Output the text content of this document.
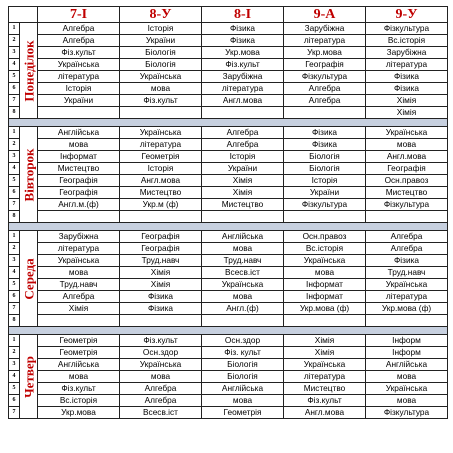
		7-І	8-У	8-І	9-А	9-У
1	Понеділок	Алгебра	Історія	Фізика	Зарубіжна	Фізкультура
2		Алгебра	України	Фізика	література	Вс.історія
3		Фіз.культ	Біологія	Укр.мова	Укр.мова	Зарубіжна
4		Українська	Біологія	Фіз.культ	Географія	література
5		література	Українська	Зарубіжна	Фізкультура	Фізика
6		Історія	мова	література	Алгебра	Фізика
7		України	Фіз.культ	Англ.мова	Алгебра	Хімія
8						Хімія

1	Вівторок	Англійська	Українська	Алгебра	Фізика	Українська
2		мова	література	Алгебра	Фізика	мова
3		Інформат	Геометрія	Історія	Біологія	Англ.мова
4		Мистецтво	Історія	України	Біологія	Географія
5		Географія	Англ.мова	Хімія	Історія	Осн.правоз
6		Географія	Мистецтво	Хімія	України	Мистецтво
7		Англ.м.(ф)	Укр.м (ф)	Мистецтво	Фізкультура	Фізкультура
8						

1	Середа	Зарубіжна	Географія	Англійська	Осн.правоз	Алгебра
2		література	Географія	мова	Вс.історія	Алгебра
3		Українська	Труд.навч	Труд.навч	Українська	Фізика
4		мова	Хімія	Всесв.іст	мова	Труд.навч
5		Труд.навч	Хімія	Українська	Інформат	Українська
6		Алгебра	Фізика	мова	Інформат	література
7		Хімія	Фізика	Англ.(ф)	Укр.мова (ф)	Укр.мова (ф)
8						

1	Четвер	Геометрія	Фіз.культ	Осн.здор	Хімія	Інформ
2		Геометрія	Осн.здор	Фіз. культ	Хімія	Інформ
3		Англійська	Українська	Біологія	Українська	Англійська
4		мова	мова	Біологія	література	мова
5		Фіз.культ	Алгебра	Англійська	Мистецтво	Українська
6		Вс.історія	Алгебра	мова	Фіз.культ	мова
7		Укр.мова	Всесв.іст	Геометрія	Англ.мова	Фізкультура
